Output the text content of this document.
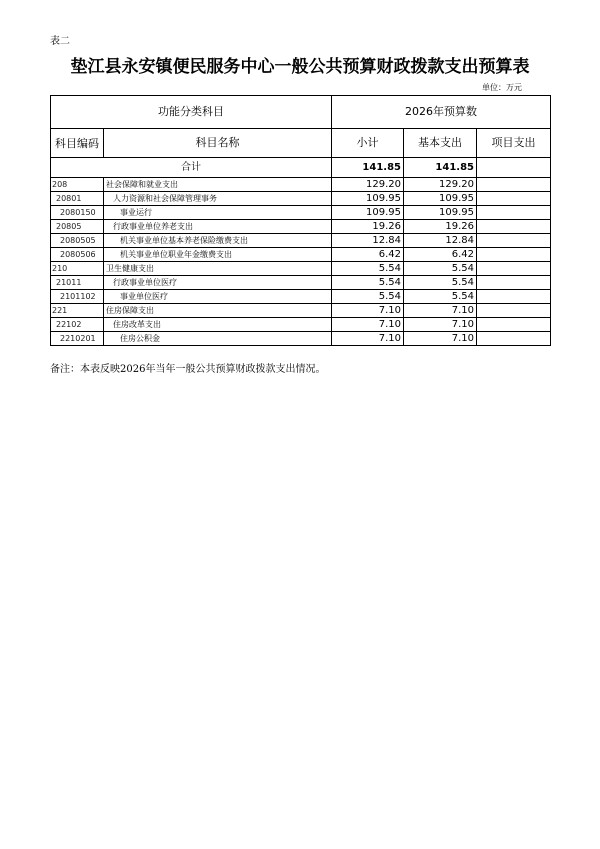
表二
垫江县永安镇便民服务中心一般公共预算财政拨款支出预算表
单位：万元
功能分类科目		2026年预算数		
科目编码	科目名称	小计	基本支出	项目支出
合计		141.85	141.85	
208	社会保障和就业支出	129.20	129.20	
20801	人力资源和社会保障管理事务	109.95	109.95	
2080150	事业运行	109.95	109.95	
20805	行政事业单位养老支出	19.26	19.26	
2080505	机关事业单位基本养老保险缴费支出	12.84	12.84	
2080506	机关事业单位职业年金缴费支出	6.42	6.42	
210	卫生健康支出	5.54	5.54	
21011	行政事业单位医疗	5.54	5.54	
2101102	事业单位医疗	5.54	5.54	
221	住房保障支出	7.10	7.10	
22102	住房改革支出	7.10	7.10	
2210201	住房公积金	7.10	7.10	
备注：本表反映2026年当年一般公共预算财政拨款支出情况。
